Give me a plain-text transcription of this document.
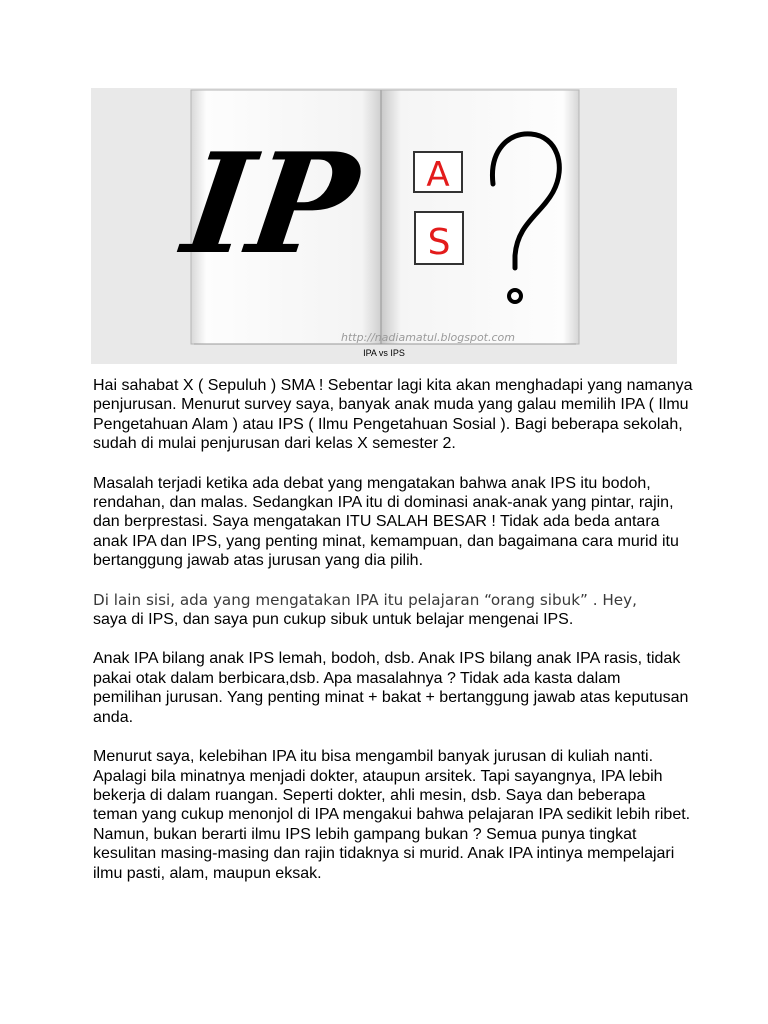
IP A
S
http://nadiamatul.blogspot.com
IPA vs IPS

Hai sahabat X ( Sepuluh ) SMA ! Sebentar lagi kita akan menghadapi yang namanya penjurusan. Menurut survey saya, banyak anak muda yang galau memilih IPA ( Ilmu Pengetahuan Alam ) atau IPS ( Ilmu Pengetahuan Sosial ). Bagi beberapa sekolah, sudah di mulai penjurusan dari kelas X semester 2.

Masalah terjadi ketika ada debat yang mengatakan bahwa anak IPS itu bodoh, rendahan, dan malas. Sedangkan IPA itu di dominasi anak-anak yang pintar, rajin, dan berprestasi. Saya mengatakan ITU SALAH BESAR ! Tidak ada beda antara anak IPA dan IPS, yang penting minat, kemampuan, dan bagaimana cara murid itu bertanggung jawab atas jurusan yang dia pilih.

Di lain sisi, ada yang mengatakan IPA itu pelajaran “orang sibuk” . Hey,
saya di IPS, dan saya pun cukup sibuk untuk belajar mengenai IPS.

Anak IPA bilang anak IPS lemah, bodoh, dsb. Anak IPS bilang anak IPA rasis, tidak pakai otak dalam berbicara,dsb. Apa masalahnya ? Tidak ada kasta dalam pemilihan jurusan. Yang penting minat + bakat + bertanggung jawab atas keputusan anda.

Menurut saya, kelebihan IPA itu bisa mengambil banyak jurusan di kuliah nanti. Apalagi bila minatnya menjadi dokter, ataupun arsitek. Tapi sayangnya, IPA lebih bekerja di dalam ruangan. Seperti dokter, ahli mesin, dsb. Saya dan beberapa teman yang cukup menonjol di IPA mengakui bahwa pelajaran IPA sedikit lebih ribet. Namun, bukan berarti ilmu IPS lebih gampang bukan ? Semua punya tingkat kesulitan masing-masing dan rajin tidaknya si murid. Anak IPA intinya mempelajari ilmu pasti, alam, maupun eksak.
